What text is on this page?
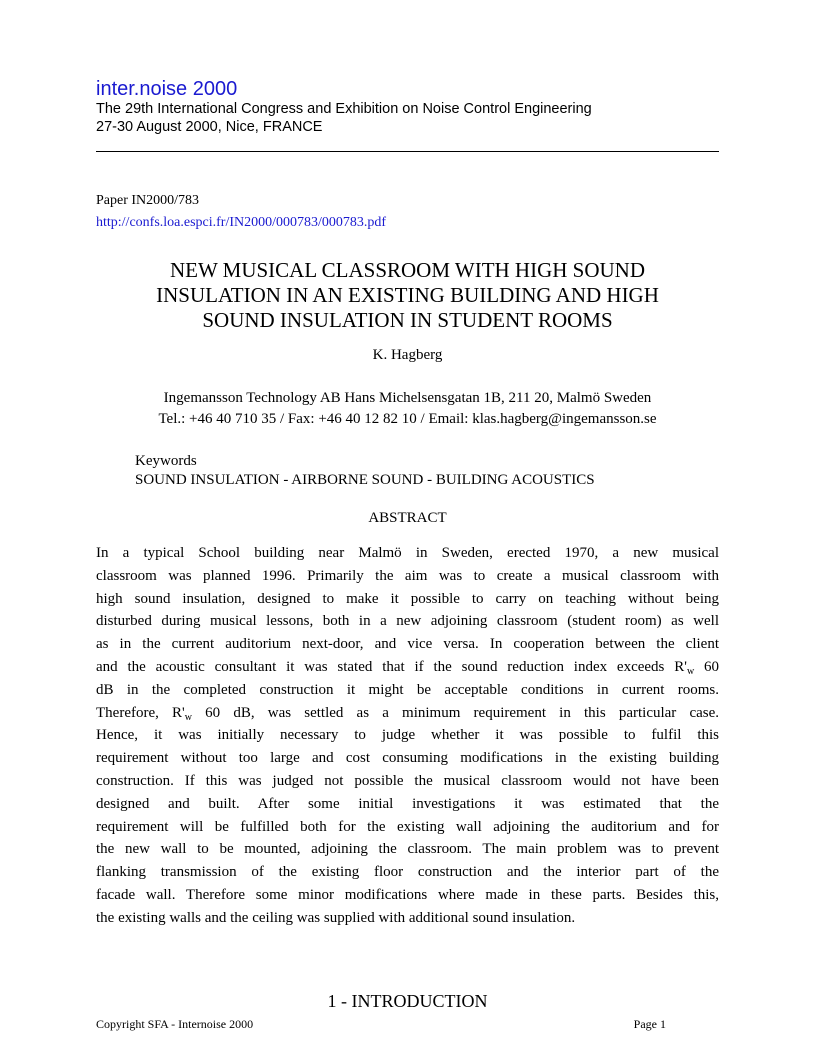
inter.noise 2000
The 29th International Congress and Exhibition on Noise Control Engineering
27-30 August 2000, Nice, FRANCE
Paper IN2000/783
http://confs.loa.espci.fr/IN2000/000783/000783.pdf
NEW MUSICAL CLASSROOM WITH HIGH SOUND
INSULATION IN AN EXISTING BUILDING AND HIGH
SOUND INSULATION IN STUDENT ROOMS
K. Hagberg
Ingemansson Technology AB Hans Michelsensgatan 1B, 211 20, Malmö Sweden
Tel.: +46 40 710 35 / Fax: +46 40 12 82 10 / Email: klas.hagberg@ingemansson.se
Keywords
SOUND INSULATION - AIRBORNE SOUND - BUILDING ACOUSTICS
ABSTRACT
In a typical School building near Malmö in Sweden, erected 1970, a new musical
classroom was planned 1996. Primarily the aim was to create a musical classroom with
high sound insulation, designed to make it possible to carry on teaching without being
disturbed during musical lessons, both in a new adjoining classroom (student room) as well
as in the current auditorium next-door, and vice versa. In cooperation between the client
and the acoustic consultant it was stated that if the sound reduction index exceeds $R'_w$ 60
dB in the completed construction it might be acceptable conditions in current rooms.
Therefore, $R'_w$ 60 dB, was settled as a minimum requirement in this particular case.
Hence, it was initially necessary to judge whether it was possible to fulfil this
requirement without too large and cost consuming modifications in the existing building
construction. If this was judged not possible the musical classroom would not have been
designed and built. After some initial investigations it was estimated that the
requirement will be fulfilled both for the existing wall adjoining the auditorium and for
the new wall to be mounted, adjoining the classroom. The main problem was to prevent
flanking transmission of the existing floor construction and the interior part of the
facade wall. Therefore some minor modifications where made in these parts. Besides this,
the existing walls and the ceiling was supplied with additional sound insulation.
1 - INTRODUCTION
Copyright SFA - Internoise 2000	Page 1
